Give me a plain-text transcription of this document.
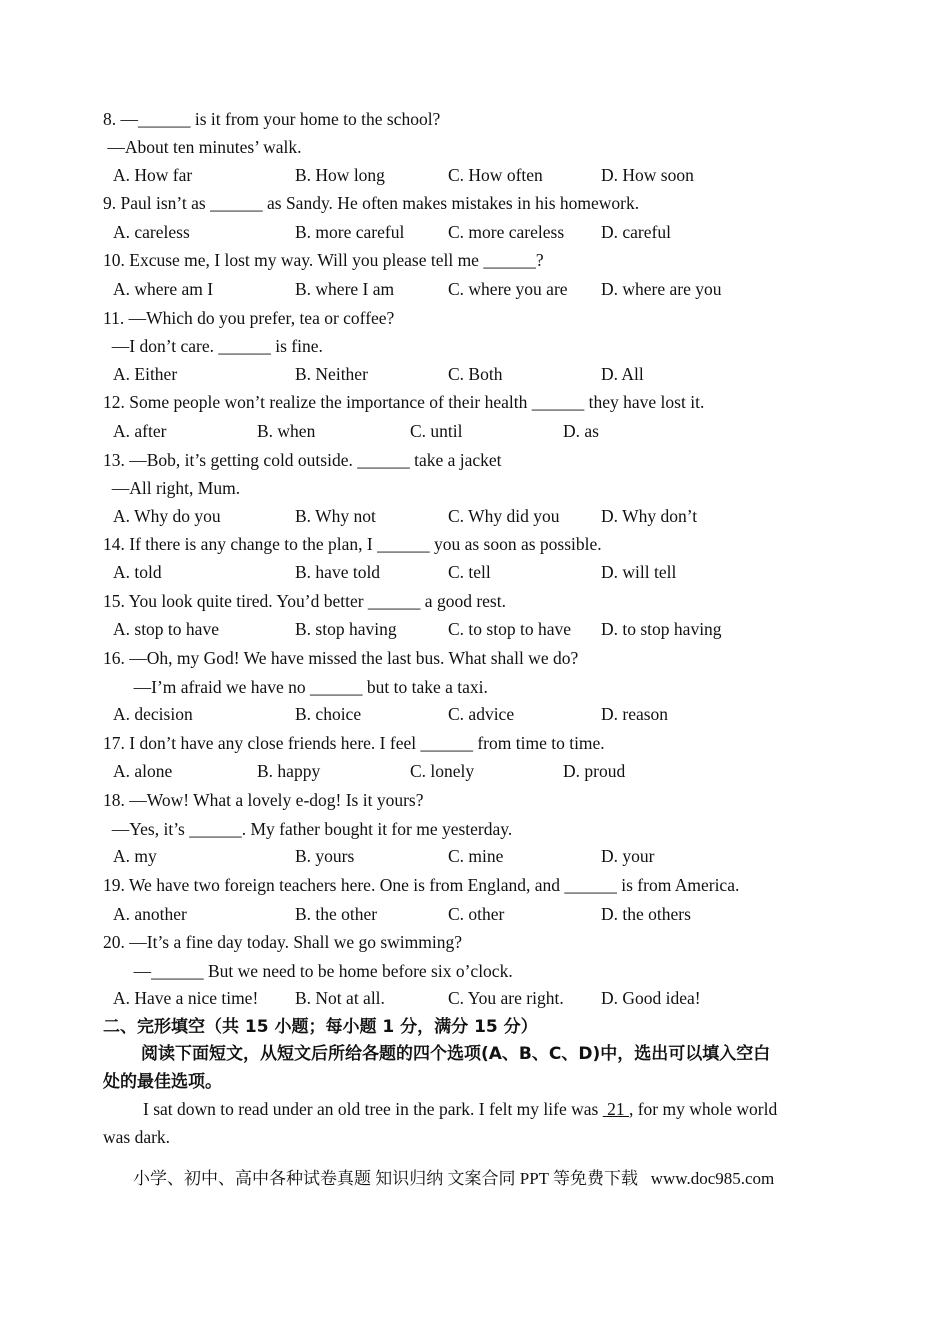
8. —______ is it from your home to the school?
—About ten minutes’ walk.
A. How far	B. How long	C. How often	D. How soon
9. Paul isn’t as ______ as Sandy. He often makes mistakes in his homework.
A. careless	B. more careful C. more careless D. careful
10. Excuse me, I lost my way. Will you please tell me ______?
A. where am I	B. where I am	C. where you are D. where are you
11. —Which do you prefer, tea or coffee?
—I don’t care. ______ is fine.
A. Either	B. Neither	C. Both	D. All
12. Some people won’t realize the importance of their health ______ they have lost it.
A. after	B. when	C. until	D. as
13. —Bob, it’s getting cold outside. ______ take a jacket
—All right, Mum.
A. Why do you	B. Why not	C. Why did you D. Why don’t
14. If there is any change to the plan, I ______ you as soon as possible.
A. told	B. have told	C. tell	D. will tell
15. You look quite tired. You’d better ______ a good rest.
A. stop to have	B. stop having	C. to stop to have D. to stop having
16. —Oh, my God! We have missed the last bus. What shall we do?
—I’m afraid we have no ______ but to take a taxi.
A. decision	B. choice	C. advice	D. reason
17. I don’t have any close friends here. I feel ______ from time to time.
A. alone	B. happy	C. lonely	D. proud
18. —Wow! What a lovely e-dog! Is it yours?
—Yes, it’s ______. My father bought it for me yesterday.
A. my	B. yours	C. mine	D. your
19. We have two foreign teachers here. One is from England, and ______ is from America.
A. another	B. the other	C. other	D. the others
20. —It’s a fine day today. Shall we go swimming?
—______ But we need to be home before six o’clock.
A. Have a nice time! B. Not at all.	C. You are right. D. Good idea!
二、完形填空（共 15 小题；每小题 1 分，满分 15 分）
阅读下面短文，从短文后所给各题的四个选项(A、B、C、D)中，选出可以填入空白
处的最佳选项。
I sat down to read under an old tree in the park. I felt my life was  21 , for my whole world
was dark.
小学、初中、高中各种试卷真题 知识归纳 文案合同 PPT 等免费下载   www.doc985.com
